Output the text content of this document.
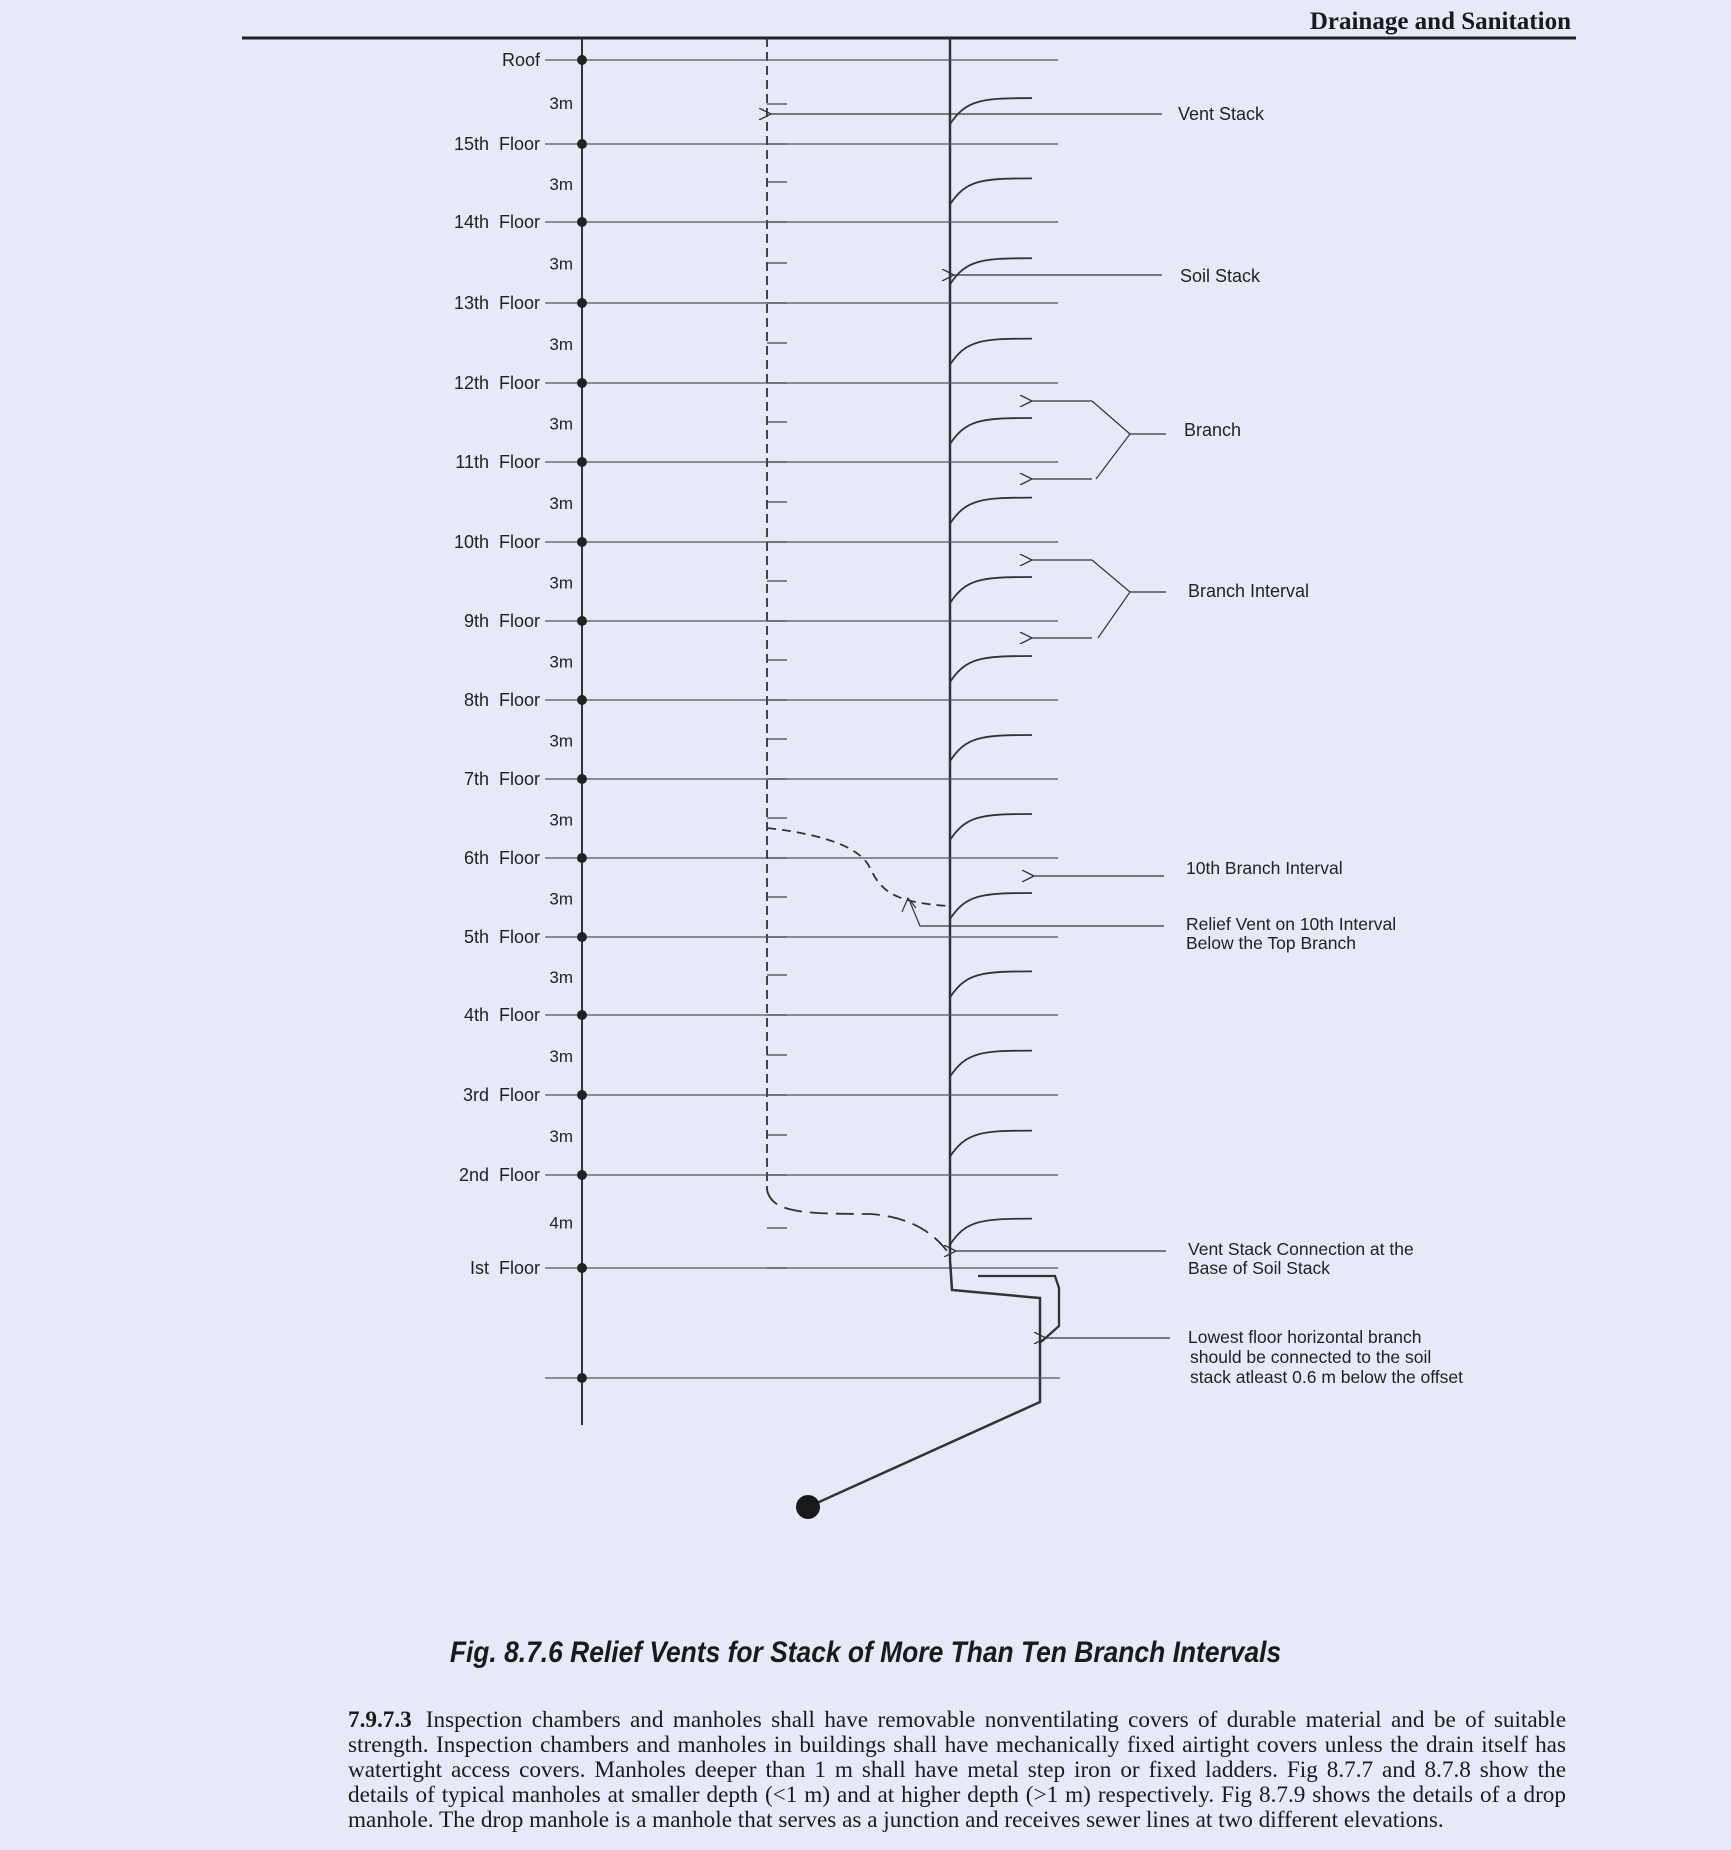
Drainage and Sanitation
Roof
15th  Floor
14th  Floor
13th  Floor
12th  Floor
11th  Floor
10th  Floor
9th  Floor
8th  Floor
7th  Floor
6th  Floor
5th  Floor
4th  Floor
3rd  Floor
2nd  Floor
Ist  Floor
3m
3m
3m
3m
3m
3m
3m
3m
3m
3m
3m
3m
3m
3m
4m
Vent Stack
Soil Stack
Branch
Branch Interval
10th Branch Interval
Relief Vent on 10th Interval
Below the Top Branch
Vent Stack Connection at the
Base of Soil Stack
Lowest floor horizontal branch
should be connected to the soil
stack atleast 0.6 m below the offset
Fig. 8.7.6 Relief Vents for Stack of More Than Ten Branch Intervals

7.9.7.3 Inspection chambers and manholes shall have removable nonventilating covers of durable material and be of suitable strength. Inspection chambers and manholes in buildings shall have mechanically fixed airtight covers unless the drain itself has watertight access covers. Manholes deeper than 1 m shall have metal step iron or fixed ladders. Fig 8.7.7 and 8.7.8 show the details of typical manholes at smaller depth (<1 m) and at higher depth (>1 m) respectively. Fig 8.7.9 shows the details of a drop manhole. The drop manhole is a manhole that serves as a junction and receives sewer lines at two different elevations.
